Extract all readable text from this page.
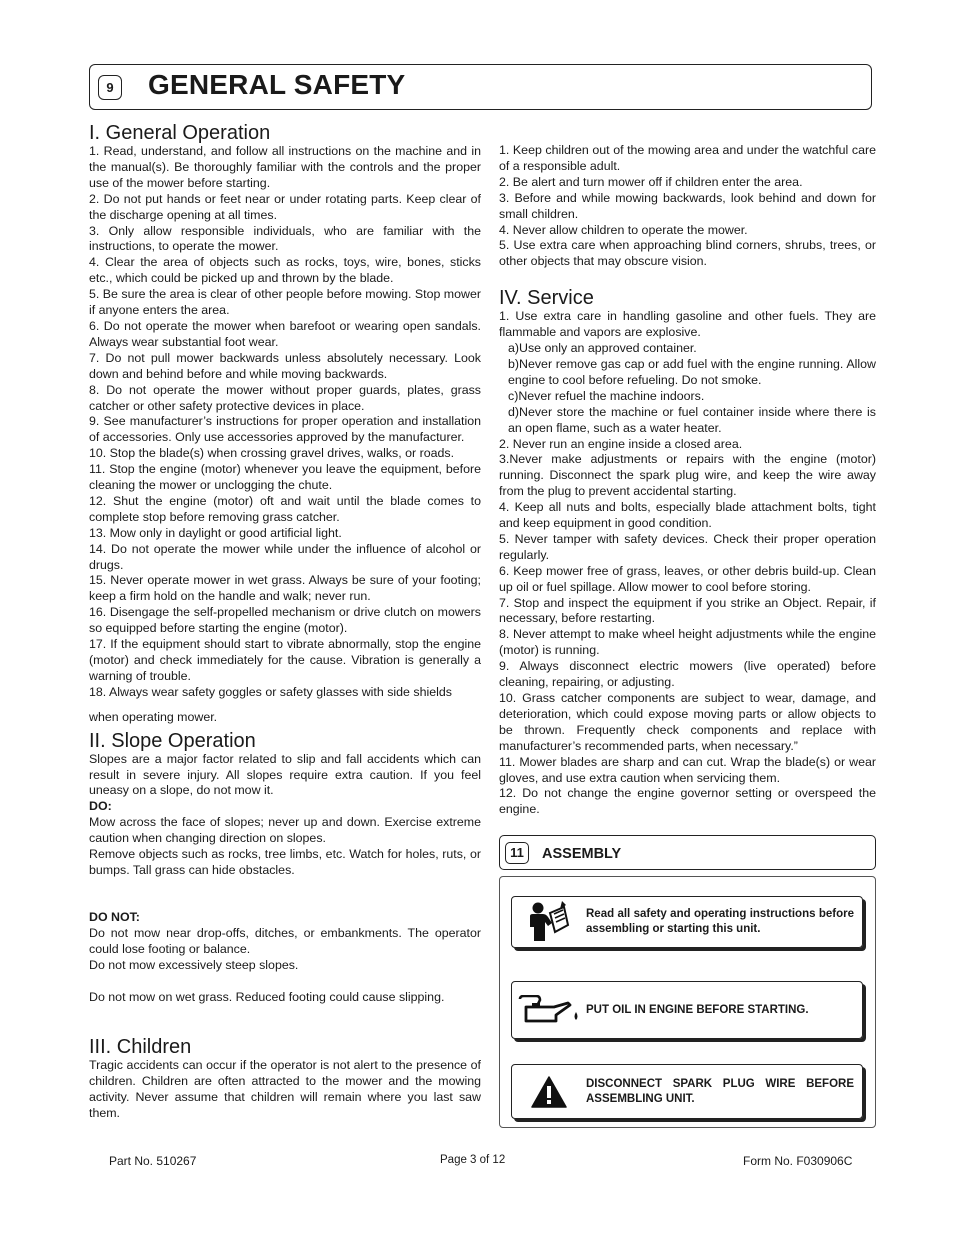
9 GENERAL SAFETY
I. General Operation
1. Read, understand, and follow all instructions on the machine and in the manual(s). Be thoroughly familiar with the controls and the proper use of the mower before starting.
2. Do not put hands or feet near or under rotating parts. Keep clear of the discharge opening at all times.
3. Only allow responsible individuals, who are familiar with the instructions, to operate the mower.
4. Clear the area of objects such as rocks, toys, wire, bones, sticks etc., which could be picked up and thrown by the blade.
5. Be sure the area is clear of other people before mowing. Stop mower if anyone enters the area.
6. Do not operate the mower when barefoot or wearing open sandals. Always wear substantial foot wear.
7. Do not pull mower backwards unless absolutely necessary. Look down and behind before and while moving backwards.
8. Do not operate the mower without proper guards, plates, grass catcher or other safety protective devices in place.
9. See manufacturer’s instructions for proper operation and installation of accessories. Only use accessories approved by the manufacturer.
10. Stop the blade(s) when crossing gravel drives, walks, or roads.
11. Stop the engine (motor) whenever you leave the equipment, before cleaning the mower or unclogging the chute.
12. Shut the engine (motor) oft and wait until the blade comes to complete stop before removing grass catcher.
13. Mow only in daylight or good artificial light.
14. Do not operate the mower while under the influence of alcohol or drugs.
15. Never operate mower in wet grass. Always be sure of your footing; keep a firm hold on the handle and walk; never run.
16. Disengage the self-propelled mechanism or drive clutch on mowers so equipped before starting the engine (motor).
17. If the equipment should start to vibrate abnormally, stop the engine (motor) and check immediately for the cause. Vibration is generally a warning of trouble.
18. Always wear safety goggles or safety glasses with side shields
when operating mower.
II. Slope Operation
Slopes are a major factor related to slip and fall accidents which can result in severe injury. All slopes require extra caution. If you feel uneasy on a slope, do not mow it.
DO:
Mow across the face of slopes; never up and down. Exercise extreme caution when changing direction on slopes.
Remove objects such as rocks, tree limbs, etc. Watch for holes, ruts, or bumps. Tall grass can hide obstacles.
DO NOT:
Do not mow near drop-offs, ditches, or embankments. The operator could lose footing or balance.
Do not mow excessively steep slopes.
Do not mow on wet grass. Reduced footing could cause slipping.
III. Children
Tragic accidents can occur if the operator is not alert to the presence of children. Children are often attracted to the mower and the mowing activity. Never assume that children will remain where you last saw them.
1. Keep children out of the mowing area and under the watchful care of a responsible adult.
2. Be alert and turn mower off if children enter the area.
3. Before and while mowing backwards, look behind and down for small children.
4. Never allow children to operate the mower.
5. Use extra care when approaching blind corners, shrubs, trees, or other objects that may obscure vision.
IV. Service
1. Use extra care in handling gasoline and other fuels. They are flammable and vapors are explosive.
a)Use only an approved container.
b)Never remove gas cap or add fuel with the engine running. Allow engine to cool before refueling. Do not smoke.
c)Never refuel the machine indoors.
d)Never store the machine or fuel container inside where there is an open flame, such as a water heater.
2. Never run an engine inside a closed area.
3.Never make adjustments or repairs with the engine (motor) running. Disconnect the spark plug wire, and keep the wire away from the plug to prevent accidental starting.
4. Keep all nuts and bolts, especially blade attachment bolts, tight and keep equipment in good condition.
5. Never tamper with safety devices. Check their proper operation regularly.
6. Keep mower free of grass, leaves, or other debris build-up. Clean up oil or fuel spillage. Allow mower to cool before storing.
7. Stop and inspect the equipment if you strike an Object. Repair, if necessary, before restarting.
8. Never attempt to make wheel height adjustments while the engine (motor) is running.
9. Always disconnect electric mowers (live operated) before cleaning, repairing, or adjusting.
10. Grass catcher components are subject to wear, damage, and deterioration, which could expose moving parts or allow objects to be thrown. Frequently check components and replace with manufacturer’s recommended parts, when necessary.”
11. Mower blades are sharp and can cut. Wrap the blade(s) or wear gloves, and use extra caution when servicing them.
12. Do not change the engine governor setting or overspeed the engine.
11	ASSEMBLY
Read all safety and operating instructions before assembling or starting this unit.
PUT OIL IN ENGINE BEFORE STARTING.
DISCONNECT SPARK PLUG WIRE BEFORE ASSEMBLING UNIT.
Part No. 510267	Page 3 of 12	Form No. F030906C
